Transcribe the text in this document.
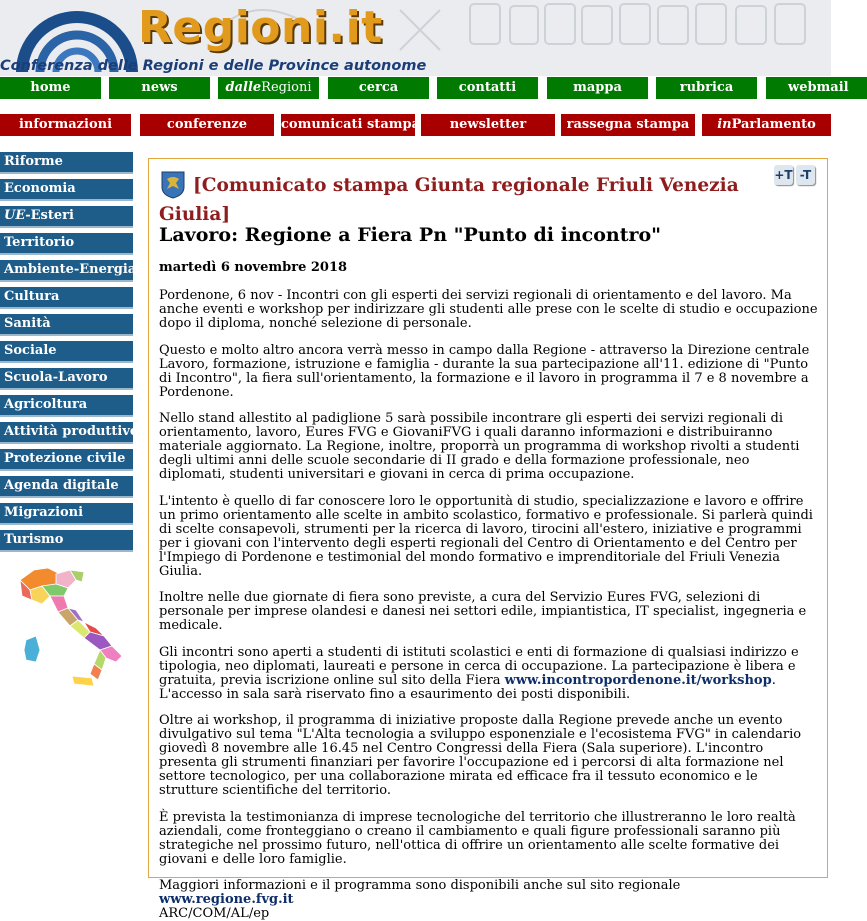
Regioni.it
Conferenza delle Regioni e delle Province autonome
home	news	dalleRegioni	cerca	contatti	mappa	rubrica	webmail
informazioni	conferenze	comunicati stampa	newsletter	rassegna stampa	inParlamento
Riforme
Economia
UE-Esteri
Territorio
Ambiente-Energia
Cultura
Sanità
Sociale
Scuola-Lavoro
Agricoltura
Attività produttive
Protezione civile
Agenda digitale
Migrazioni
Turismo
+T -T
[Comunicato stampa Giunta regionale Friuli Venezia Giulia]
Lavoro: Regione a Fiera Pn "Punto di incontro"
martedì 6 novembre 2018

Pordenone, 6 nov - Incontri con gli esperti dei servizi regionali di orientamento e del lavoro. Ma anche eventi e workshop per indirizzare gli studenti alle prese con le scelte di studio e occupazione dopo il diploma, nonché selezione di personale.

Questo e molto altro ancora verrà messo in campo dalla Regione - attraverso la Direzione centrale Lavoro, formazione, istruzione e famiglia - durante la sua partecipazione all'11. edizione di "Punto di Incontro", la fiera sull'orientamento, la formazione e il lavoro in programma il 7 e 8 novembre a Pordenone.

Nello stand allestito al padiglione 5 sarà possibile incontrare gli esperti dei servizi regionali di orientamento, lavoro, Eures FVG e GiovaniFVG i quali daranno informazioni e distribuiranno materiale aggiornato. La Regione, inoltre, proporrà un programma di workshop rivolti a studenti degli ultimi anni delle scuole secondarie di II grado e della formazione professionale, neo diplomati, studenti universitari e giovani in cerca di prima occupazione.

L'intento è quello di far conoscere loro le opportunità di studio, specializzazione e lavoro e offrire un primo orientamento alle scelte in ambito scolastico, formativo e professionale. Si parlerà quindi di scelte consapevoli, strumenti per la ricerca di lavoro, tirocini all'estero, iniziative e programmi per i giovani con l'intervento degli esperti regionali del Centro di Orientamento e del Centro per l'Impiego di Pordenone e testimonial del mondo formativo e imprenditoriale del Friuli Venezia Giulia.

Inoltre nelle due giornate di fiera sono previste, a cura del Servizio Eures FVG, selezioni di personale per imprese olandesi e danesi nei settori edile, impiantistica, IT specialist, ingegneria e medicale.

Gli incontri sono aperti a studenti di istituti scolastici e enti di formazione di qualsiasi indirizzo e tipologia, neo diplomati, laureati e persone in cerca di occupazione. La partecipazione è libera e gratuita, previa iscrizione online sul sito della Fiera www.incontropordenone.it/workshop. L'accesso in sala sarà riservato fino a esaurimento dei posti disponibili.

Oltre ai workshop, il programma di iniziative proposte dalla Regione prevede anche un evento divulgativo sul tema "L'Alta tecnologia a sviluppo esponenziale e l'ecosistema FVG" in calendario giovedì 8 novembre alle 16.45 nel Centro Congressi della Fiera (Sala superiore). L'incontro presenta gli strumenti finanziari per favorire l'occupazione ed i percorsi di alta formazione nel settore tecnologico, per una collaborazione mirata ed efficace fra il tessuto economico e le strutture scientifiche del territorio.

È prevista la testimonianza di imprese tecnologiche del territorio che illustreranno le loro realtà aziendali, come fronteggiano o creano il cambiamento e quali figure professionali saranno più strategiche nel prossimo futuro, nell'ottica di offrire un orientamento alle scelte formative dei giovani e delle loro famiglie.

Maggiori informazioni e il programma sono disponibili anche sul sito regionale www.regione.fvg.it
ARC/COM/AL/ep
